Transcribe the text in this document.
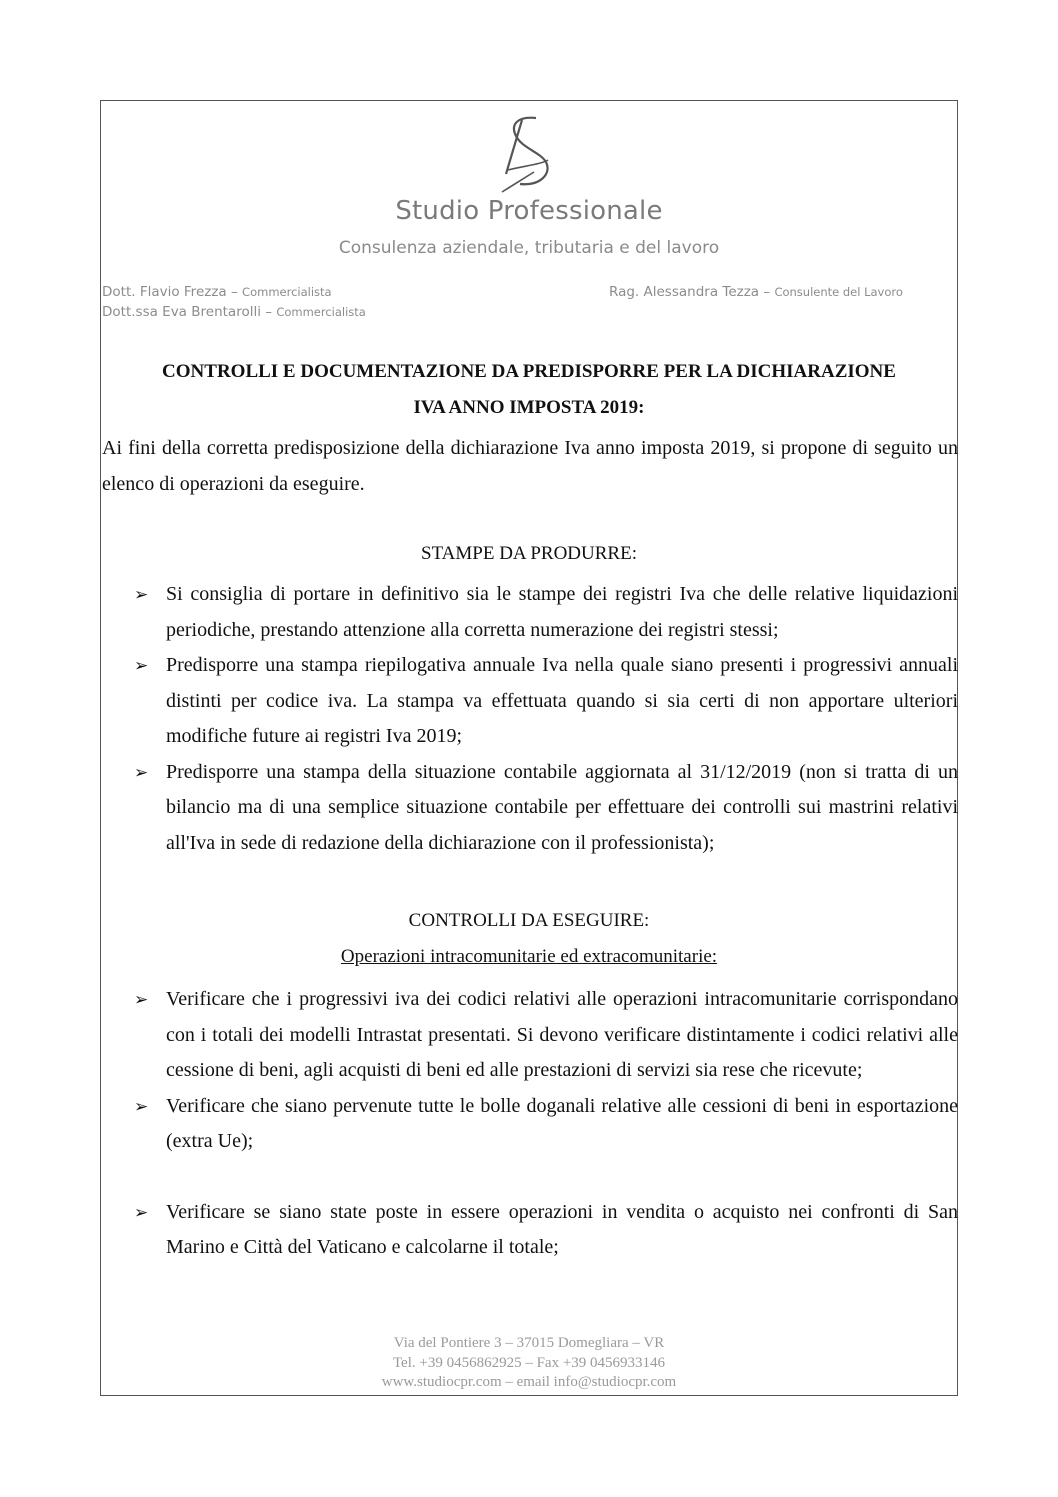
Studio Professionale
Consulenza aziendale, tributaria e del lavoro
Dott. Flavio Frezza – Commercialista
Dott.ssa Eva Brentarolli – Commercialista
Rag. Alessandra Tezza – Consulente del Lavoro
CONTROLLI E DOCUMENTAZIONE DA PREDISPORRE PER LA DICHIARAZIONE
IVA ANNO IMPOSTA 2019:
Ai fini della corretta predisposizione della dichiarazione Iva anno imposta 2019, si propone di seguito un elenco di operazioni da eseguire.
STAMPE DA PRODURRE:
➢ Si consiglia di portare in definitivo sia le stampe dei registri Iva che delle relative liquidazioni periodiche, prestando attenzione alla corretta numerazione dei registri stessi;
➢ Predisporre una stampa riepilogativa annuale Iva nella quale siano presenti i progressivi annuali distinti per codice iva. La stampa va effettuata quando si sia certi di non apportare ulteriori modifiche future ai registri Iva 2019;
➢ Predisporre una stampa della situazione contabile aggiornata al 31/12/2019 (non si tratta di un bilancio ma di una semplice situazione contabile per effettuare dei controlli sui mastrini relativi all'Iva in sede di redazione della dichiarazione con il professionista);
CONTROLLI DA ESEGUIRE:
Operazioni intracomunitarie ed extracomunitarie:
➢ Verificare che i progressivi iva dei codici relativi alle operazioni intracomunitarie corrispondano con i totali dei modelli Intrastat presentati. Si devono verificare distintamente i codici relativi alle cessione di beni, agli acquisti di beni ed alle prestazioni di servizi sia rese che ricevute;
➢ Verificare che siano pervenute tutte le bolle doganali relative alle cessioni di beni in esportazione (extra Ue);
➢ Verificare se siano state poste in essere operazioni in vendita o acquisto nei confronti di San Marino e Città del Vaticano e calcolarne il totale;
Via del Pontiere 3 – 37015 Domegliara – VR
Tel. +39 0456862925 – Fax +39 0456933146
www.studiocpr.com – email info@studiocpr.com
